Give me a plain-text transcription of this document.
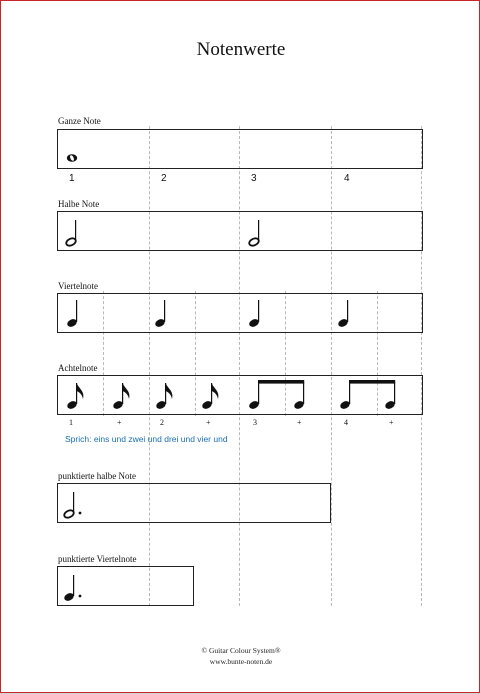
Notenwerte
Ganze Note
1	2	3	4
Halbe Note
Viertelnote
Achtelnote
1	+	2	+	3	+	4	+
Sprich: eins und zwei und drei und vier und
punktierte halbe Note
punktierte Viertelnote
© Guitar Colour System®
www.bunte-noten.de
